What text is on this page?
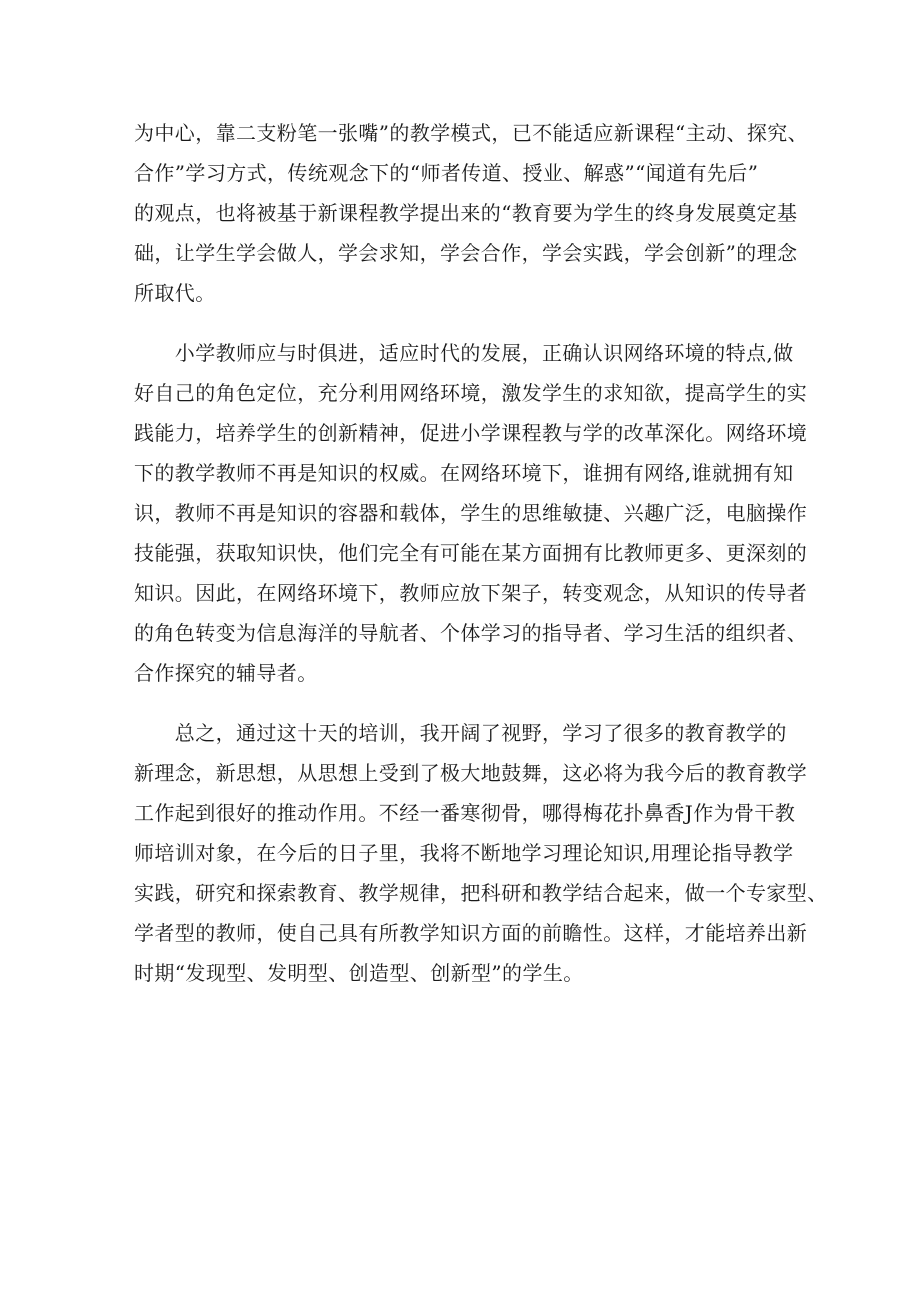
为中心，靠二支粉笔一张嘴”的教学模式，已不能适应新课程“主动、探究、
合作”学习方式，传统观念下的“师者传道、授业、解惑”“闻道有先后”
的观点，也将被基于新课程教学提出来的“教育要为学生的终身发展奠定基
础，让学生学会做人，学会求知，学会合作，学会实践，学会创新”的理念
所取代。
　　小学教师应与时俱进，适应时代的发展，正确认识网络环境的特点,做
好自己的角色定位，充分利用网络环境，激发学生的求知欲，提高学生的实
践能力，培养学生的创新精神，促进小学课程教与学的改革深化。网络环境
下的教学教师不再是知识的权威。在网络环境下，谁拥有网络,谁就拥有知
识，教师不再是知识的容器和载体，学生的思维敏捷、兴趣广泛，电脑操作
技能强，获取知识快，他们完全有可能在某方面拥有比教师更多、更深刻的
知识。因此，在网络环境下，教师应放下架子，转变观念，从知识的传导者
的角色转变为信息海洋的导航者、个体学习的指导者、学习生活的组织者、
合作探究的辅导者。
　　总之，通过这十天的培训，我开阔了视野，学习了很多的教育教学的
新理念，新思想，从思想上受到了极大地鼓舞，这必将为我今后的教育教学
工作起到很好的推动作用。不经一番寒彻骨，哪得梅花扑鼻香J作为骨干教
师培训对象，在今后的日子里，我将不断地学习理论知识,用理论指导教学
实践，研究和探索教育、教学规律，把科研和教学结合起来，做一个专家型、
学者型的教师，使自己具有所教学知识方面的前瞻性。这样，才能培养出新
时期“发现型、发明型、创造型、创新型”的学生。
